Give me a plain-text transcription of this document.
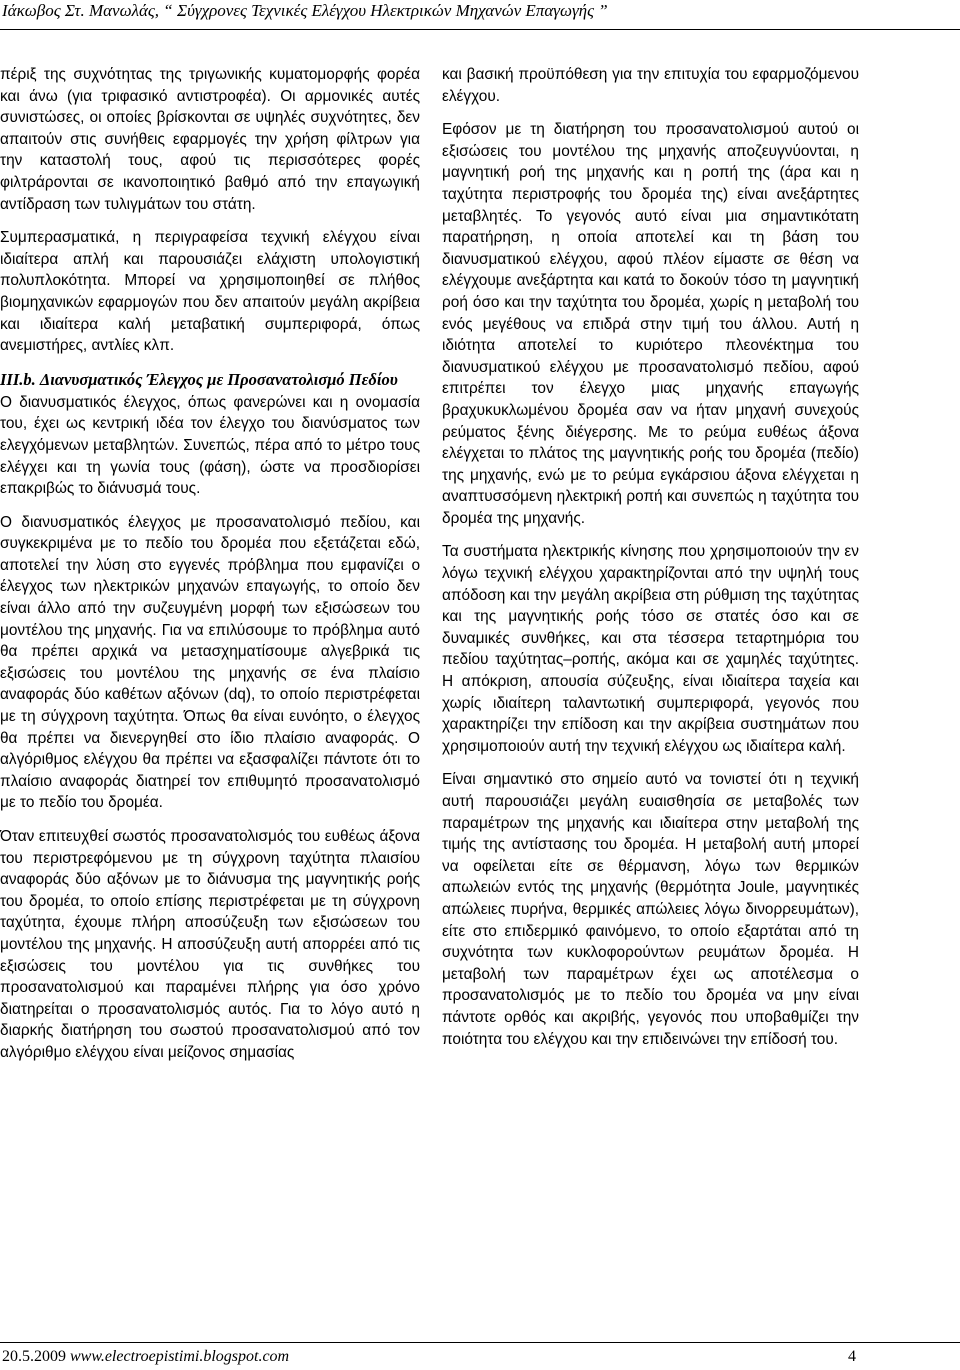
Ιάκωβος Στ. Μανωλάς, “ Σύγχρονες Τεχνικές Ελέγχου Ηλεκτρικών Μηχανών Επαγωγής ”

πέριξ της συχνότητας της τριγωνικής κυματομορφής φορέα και άνω (για τριφασικό αντιστροφέα). Οι αρμονικές αυτές συνιστώσες, οι οποίες βρίσκονται σε υψηλές συχνότητες, δεν απαιτούν στις συνήθεις εφαρμογές την χρήση φίλτρων για την καταστολή τους, αφού τις περισσότερες φορές φιλτράρονται σε ικανοποιητικό βαθμό από την επαγωγική αντίδραση των τυλιγμάτων του στάτη.

Συμπερασματικά, η περιγραφείσα τεχνική ελέγχου είναι ιδιαίτερα απλή και παρουσιάζει ελάχιστη υπολογιστική πολυπλοκότητα. Μπορεί να χρησιμοποιηθεί σε πλήθος βιομηχανικών εφαρμογών που δεν απαιτούν μεγάλη ακρίβεια και ιδιαίτερα καλή μεταβατική συμπεριφορά, όπως ανεμιστήρες, αντλίες κλπ.

III.b. Διανυσματικός Έλεγχος με Προσανατολισμό Πεδίου

Ο διανυσματικός έλεγχος, όπως φανερώνει και η ονομασία του, έχει ως κεντρική ιδέα τον έλεγχο του διανύσματος των ελεγχόμενων μεταβλητών. Συνεπώς, πέρα από το μέτρο τους ελέγχει και τη γωνία τους (φάση), ώστε να προσδιορίσει επακριβώς το διάνυσμά τους.

Ο διανυσματικός έλεγχος με προσανατολισμό πεδίου, και συγκεκριμένα με το πεδίο του δρομέα που εξετάζεται εδώ, αποτελεί την λύση στο εγγενές πρόβλημα που εμφανίζει ο έλεγχος των ηλεκτρικών μηχανών επαγωγής, το οποίο δεν είναι άλλο από την συζευγμένη μορφή των εξισώσεων του μοντέλου της μηχανής. Για να επιλύσουμε το πρόβλημα αυτό θα πρέπει αρχικά να μετασχηματίσουμε αλγεβρικά τις εξισώσεις του μοντέλου της μηχανής σε ένα πλαίσιο αναφοράς δύο καθέτων αξόνων (dq), το οποίο περιστρέφεται με τη σύγχρονη ταχύτητα. Όπως θα είναι ευνόητο, ο έλεγχος θα πρέπει να διενεργηθεί στο ίδιο πλαίσιο αναφοράς. Ο αλγόριθμος ελέγχου θα πρέπει να εξασφαλίζει πάντοτε ότι το πλαίσιο αναφοράς διατηρεί τον επιθυμητό προσανατολισμό με το πεδίο του δρομέα.

Όταν επιτευχθεί σωστός προσανατολισμός του ευθέως άξονα του περιστρεφόμενου με τη σύγχρονη ταχύτητα πλαισίου αναφοράς δύο αξόνων με το διάνυσμα της μαγνητικής ροής του δρομέα, το οποίο επίσης περιστρέφεται με τη σύγχρονη ταχύτητα, έχουμε πλήρη αποσύζευξη των εξισώσεων του μοντέλου της μηχανής. Η αποσύζευξη αυτή απορρέει από τις εξισώσεις του μοντέλου για τις συνθήκες του προσανατολισμού και παραμένει πλήρης για όσο χρόνο διατηρείται ο προσανατολισμός αυτός. Για το λόγο αυτό η διαρκής διατήρηση του σωστού προσανατολισμού από τον αλγόριθμο ελέγχου είναι μείζονος σημασίας

και βασική προϋπόθεση για την επιτυχία του εφαρμοζόμενου ελέγχου.

Εφόσον με τη διατήρηση του προσανατολισμού αυτού οι εξισώσεις του μοντέλου της μηχανής αποζευγνύονται, η μαγνητική ροή της μηχανής και η ροπή της (άρα και η ταχύτητα περιστροφής του δρομέα της) είναι ανεξάρτητες μεταβλητές. Το γεγονός αυτό είναι μια σημαντικότατη παρατήρηση, η οποία αποτελεί και τη βάση του διανυσματικού ελέγχου, αφού πλέον είμαστε σε θέση να ελέγχουμε ανεξάρτητα και κατά το δοκούν τόσο τη μαγνητική ροή όσο και την ταχύτητα του δρομέα, χωρίς η μεταβολή του ενός μεγέθους να επιδρά στην τιμή του άλλου. Αυτή η ιδιότητα αποτελεί το κυριότερο πλεονέκτημα του διανυσματικού ελέγχου με προσανατολισμό πεδίου, αφού επιτρέπει τον έλεγχο μιας μηχανής επαγωγής βραχυκυκλωμένου δρομέα σαν να ήταν μηχανή συνεχούς ρεύματος ξένης διέγερσης. Με το ρεύμα ευθέως άξονα ελέγχεται το πλάτος της μαγνητικής ροής του δρομέα (πεδίο) της μηχανής, ενώ με το ρεύμα εγκάρσιου άξονα ελέγχεται η αναπτυσσόμενη ηλεκτρική ροπή και συνεπώς η ταχύτητα του δρομέα της μηχανής.

Τα συστήματα ηλεκτρικής κίνησης που χρησιμοποιούν την εν λόγω τεχνική ελέγχου χαρακτηρίζονται από την υψηλή τους απόδοση και την μεγάλη ακρίβεια στη ρύθμιση της ταχύτητας και της μαγνητικής ροής τόσο σε στατές όσο και σε δυναμικές συνθήκες, και στα τέσσερα τεταρτημόρια του πεδίου ταχύτητας–ροπής, ακόμα και σε χαμηλές ταχύτητες. Η απόκριση, απουσία σύζευξης, είναι ιδιαίτερα ταχεία και χωρίς ιδιαίτερη ταλαντωτική συμπεριφορά, γεγονός που χαρακτηρίζει την επίδοση και την ακρίβεια συστημάτων που χρησιμοποιούν αυτή την τεχνική ελέγχου ως ιδιαίτερα καλή.

Είναι σημαντικό στο σημείο αυτό να τονιστεί ότι η τεχνική αυτή παρουσιάζει μεγάλη ευαισθησία σε μεταβολές των παραμέτρων της μηχανής και ιδιαίτερα στην μεταβολή της τιμής της αντίστασης του δρομέα. Η μεταβολή αυτή μπορεί να οφείλεται είτε σε θέρμανση, λόγω των θερμικών απωλειών εντός της μηχανής (θερμότητα Joule, μαγνητικές απώλειες πυρήνα, θερμικές απώλειες λόγω δινορρευμάτων), είτε στο επιδερμικό φαινόμενο, το οποίο εξαρτάται από τη συχνότητα των κυκλοφορούντων ρευμάτων δρομέα. Η μεταβολή των παραμέτρων έχει ως αποτέλεσμα ο προσανατολισμός με το πεδίο του δρομέα να μην είναι πάντοτε ορθός και ακριβής, γεγονός που υποβαθμίζει την ποιότητα του ελέγχου και την επιδεινώνει την επίδοσή του.

20.5.2009 www.electroepistimi.blogspot.com	4
